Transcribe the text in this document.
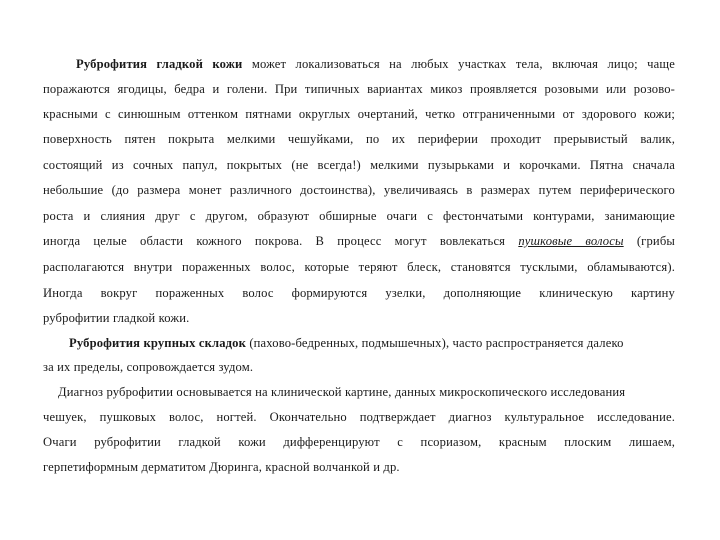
Руброфития гладкой кожи может локализоваться на любых участках тела, включая лицо; чаще
поражаются ягодицы, бедра и голени. При типичных вариантах микоз проявляется розовыми или розово-
красными с синюшным оттенком пятнами округлых очертаний, четко отграниченными от здорового кожи;
поверхность пятен покрыта мелкими чешуйками, по их периферии проходит прерывистый валик,
состоящий из сочных папул, покрытых (не всегда!) мелкими пузырьками и корочками. Пятна сначала
небольшие (до размера монет различного достоинства), увеличиваясь в размерах путем периферического
роста и слияния друг с другом, образуют обширные очаги с фестончатыми контурами, занимающие
иногда целые области кожного покрова. В процесс могут вовлекаться пушковые волосы (грибы
располагаются внутри пораженных волос, которые теряют блеск, становятся тусклыми, обламываются).
Иногда вокруг пораженных волос формируются узелки, дополняющие клиническую картину
руброфитии гладкой кожи.
Руброфития крупных складок (пахово-бедренных, подмышечных), часто распространяется далеко
за их пределы, сопровождается зудом.
Диагноз руброфитии основывается на клинической картине, данных микроскопического исследования
чешуек, пушковых волос, ногтей. Окончательно подтверждает диагноз культуральное исследование.
Очаги руброфитии гладкой кожи дифференцируют с псориазом, красным плоским лишаем,
герпетиформным дерматитом Дюринга, красной волчанкой и др.
